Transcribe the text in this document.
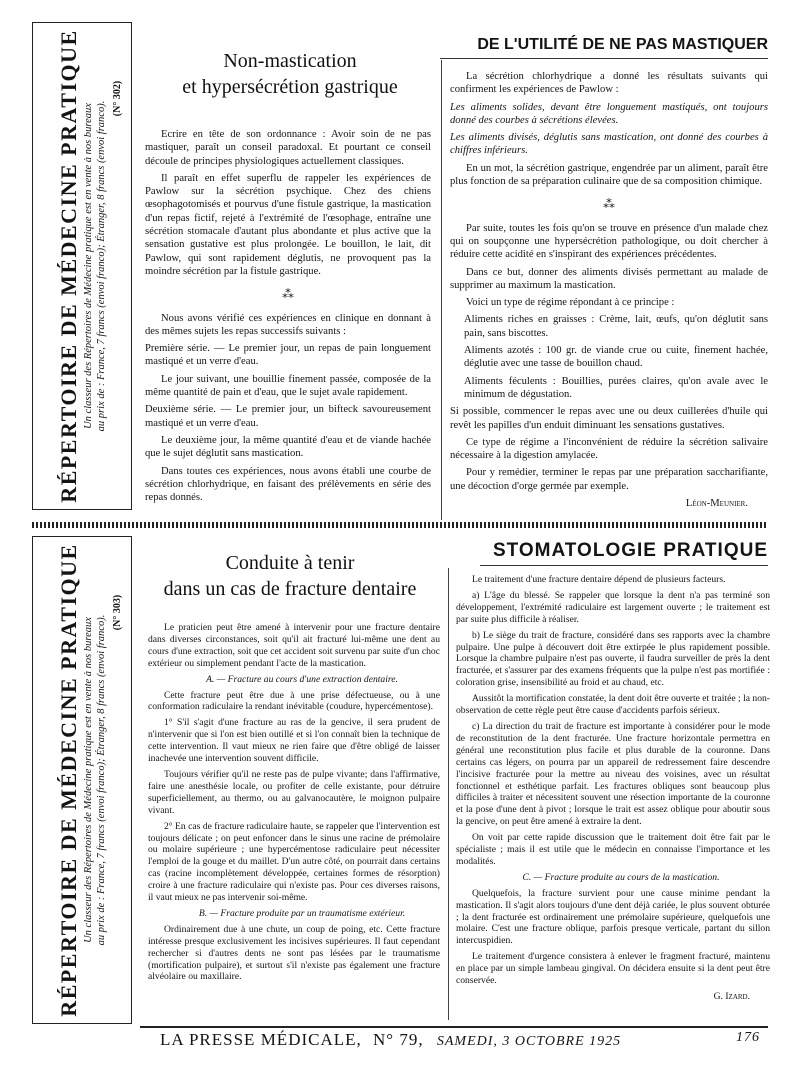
RÉPERTOIRE DE MÉDECINE PRATIQUE Un classeur des Répertoires de Médecine pratique est en vente à nos bureaux au prix de : France, 7 francs (envoi franco); Étranger, 8 francs (envoi franco).
(N° 302)
RÉPERTOIRE DE MÉDECINE PRATIQUE Un classeur des Répertoires de Médecine pratique est en vente à nos bureaux au prix de : France, 7 francs (envoi franco); Étranger, 8 francs (envoi franco).
(N° 303)
DE L'UTILITÉ DE NE PAS MASTIQUER
Non-mastication
et hypersécrétion gastrique

Ecrire en tête de son ordonnance : Avoir soin de ne pas mastiquer, paraît un conseil paradoxal. Et pourtant ce conseil découle de principes physiologiques actuellement classiques.

Il paraît en effet superflu de rappeler les expériences de Pawlow sur la sécrétion psychique. Chez des chiens œsophagotomisés et pourvus d'une fistule gastrique, la mastication d'un repas fictif, rejeté à l'extrémité de l'œsophage, entraîne une sécrétion stomacale d'autant plus abondante et plus active que la sensation gustative est plus prolongée. Le bouillon, le lait, dit Pawlow, qui sont rapidement déglutis, ne provoquent pas la moindre sécrétion par la fistule gastrique.

⁂

Nous avons vérifié ces expériences en clinique en donnant à des mêmes sujets les repas successifs suivants :

Première série. — Le premier jour, un repas de pain longuement mastiqué et un verre d'eau.

Le jour suivant, une bouillie finement passée, composée de la même quantité de pain et d'eau, que le sujet avale rapidement.

Deuxième série. — Le premier jour, un bifteck savoureusement mastiqué et un verre d'eau.

Le deuxième jour, la même quantité d'eau et de viande hachée que le sujet déglutit sans mastication.

Dans toutes ces expériences, nous avons établi une courbe de sécrétion chlorhydrique, en faisant des prélèvements en série des repas donnés.

La sécrétion chlorhydrique a donné les résultats suivants qui confirment les expériences de Pawlow :

Les aliments solides, devant être longuement mastiqués, ont toujours donné des courbes à sécrétions élevées.

Les aliments divisés, déglutis sans mastication, ont donné des courbes à chiffres inférieurs.

En un mot, la sécrétion gastrique, engendrée par un aliment, paraît être plus fonction de sa préparation culinaire que de sa composition chimique.

⁂

Par suite, toutes les fois qu'on se trouve en présence d'un malade chez qui on soupçonne une hypersécrétion pathologique, ou doit chercher à réduire cette acidité en s'inspirant des expériences précédentes.

Dans ce but, donner des aliments divisés permettant au malade de supprimer au maximum la mastication.

Voici un type de régime répondant à ce principe :

Aliments riches en graisses : Crème, lait, œufs, qu'on déglutit sans pain, sans biscottes.

Aliments azotés : 100 gr. de viande crue ou cuite, finement hachée, déglutie avec une tasse de bouillon chaud.

Aliments féculents : Bouillies, purées claires, qu'on avale avec le minimum de dégustation.

Si possible, commencer le repas avec une ou deux cuillerées d'huile qui revêt les papilles d'un enduit diminuant les sensations gustatives.

Ce type de régime a l'inconvénient de réduire la sécrétion salivaire nécessaire à la digestion amylacée.

Pour y remédier, terminer le repas par une préparation saccharifiante, une décoction d'orge germée par exemple.

Léon-Meunier.
STOMATOLOGIE PRATIQUE
Conduite à tenir
dans un cas de fracture dentaire

Le praticien peut être amené à intervenir pour une fracture dentaire dans diverses circonstances, soit qu'il ait fracturé lui-même une dent au cours d'une extraction, soit que cet accident soit survenu par suite d'un choc extérieur ou simplement pendant l'acte de la mastication.

A. — Fracture au cours d'une extraction dentaire.

Cette fracture peut être due à une prise défectueuse, ou à une conformation radiculaire la rendant inévitable (coudure, hypercémentose).

1° S'il s'agit d'une fracture au ras de la gencive, il sera prudent de n'intervenir que si l'on est bien outillé et si l'on connaît bien la technique de cette intervention. Il vaut mieux ne rien faire que d'être obligé de laisser inachevée une intervention souvent difficile.

Toujours vérifier qu'il ne reste pas de pulpe vivante; dans l'affirmative, faire une anesthésie locale, ou profiter de celle existante, pour détruire superficiellement, au thermo, ou au galvanocautère, le moignon pulpaire vivant.

2° En cas de fracture radiculaire haute, se rappeler que l'intervention est toujours délicate ; on peut enfoncer dans le sinus une racine de prémolaire ou molaire supérieure ; une hypercémentose radiculaire peut nécessiter l'emploi de la gouge et du maillet. D'un autre côté, on pourrait dans certains cas (racine incomplètement développée, certaines formes de résorption) croire à une fracture radiculaire qui n'existe pas. Pour ces diverses raisons, il vaut mieux ne pas intervenir soi-même.

B. — Fracture produite par un traumatisme extérieur.

Ordinairement due à une chute, un coup de poing, etc. Cette fracture intéresse presque exclusivement les incisives supérieures. Il faut cependant rechercher si d'autres dents ne sont pas lésées par le traumatisme (mortification pulpaire), et surtout s'il n'existe pas également une fracture alvéolaire ou maxillaire.

Le traitement d'une fracture dentaire dépend de plusieurs facteurs.

a) L'âge du blessé. Se rappeler que lorsque la dent n'a pas terminé son développement, l'extrémité radiculaire est largement ouverte ; le traitement est par suite plus difficile à réaliser.

b) Le siège du trait de fracture, considéré dans ses rapports avec la chambre pulpaire. Une pulpe à découvert doit être extirpée le plus rapidement possible. Lorsque la chambre pulpaire n'est pas ouverte, il faudra surveiller de près la dent fracturée, et s'assurer par des examens fréquents que la pulpe n'est pas mortifiée : coloration grise, insensibilité au froid et au chaud, etc.

Aussitôt la mortification constatée, la dent doit être ouverte et traitée ; la non-observation de cette règle peut être cause d'accidents parfois sérieux.

c) La direction du trait de fracture est importante à considérer pour le mode de reconstitution de la dent fracturée. Une fracture horizontale permettra en général une reconstitution plus facile et plus durable de la couronne. Dans certains cas légers, on pourra par un appareil de redressement faire descendre l'incisive fracturée pour la mettre au niveau des voisines, avec un résultat fonctionnel et esthétique parfait. Les fractures obliques sont beaucoup plus difficiles à traiter et nécessitent souvent une résection importante de la couronne et la pose d'une dent à pivot ; lorsque le trait est assez oblique pour aboutir sous la gencive, on peut être amené à extraire la dent.

On voit par cette rapide discussion que le traitement doit être fait par le spécialiste ; mais il est utile que le médecin en connaisse l'importance et les modalités.

C. — Fracture produite au cours de la mastication.

Quelquefois, la fracture survient pour une cause minime pendant la mastication. Il s'agit alors toujours d'une dent déjà cariée, le plus souvent obturée ; la dent fracturée est ordinairement une prémolaire supérieure, quelquefois une molaire. C'est une fracture oblique, parfois presque verticale, partant du sillon intercuspidien.

Le traitement d'urgence consistera à enlever le fragment fracturé, maintenu en place par un simple lambeau gingival. On décidera ensuite si la dent peut être conservée.

G. Izard.
LA PRESSE MÉDICALE, N° 79, SAMEDI, 3 OCTOBRE 1925	176
